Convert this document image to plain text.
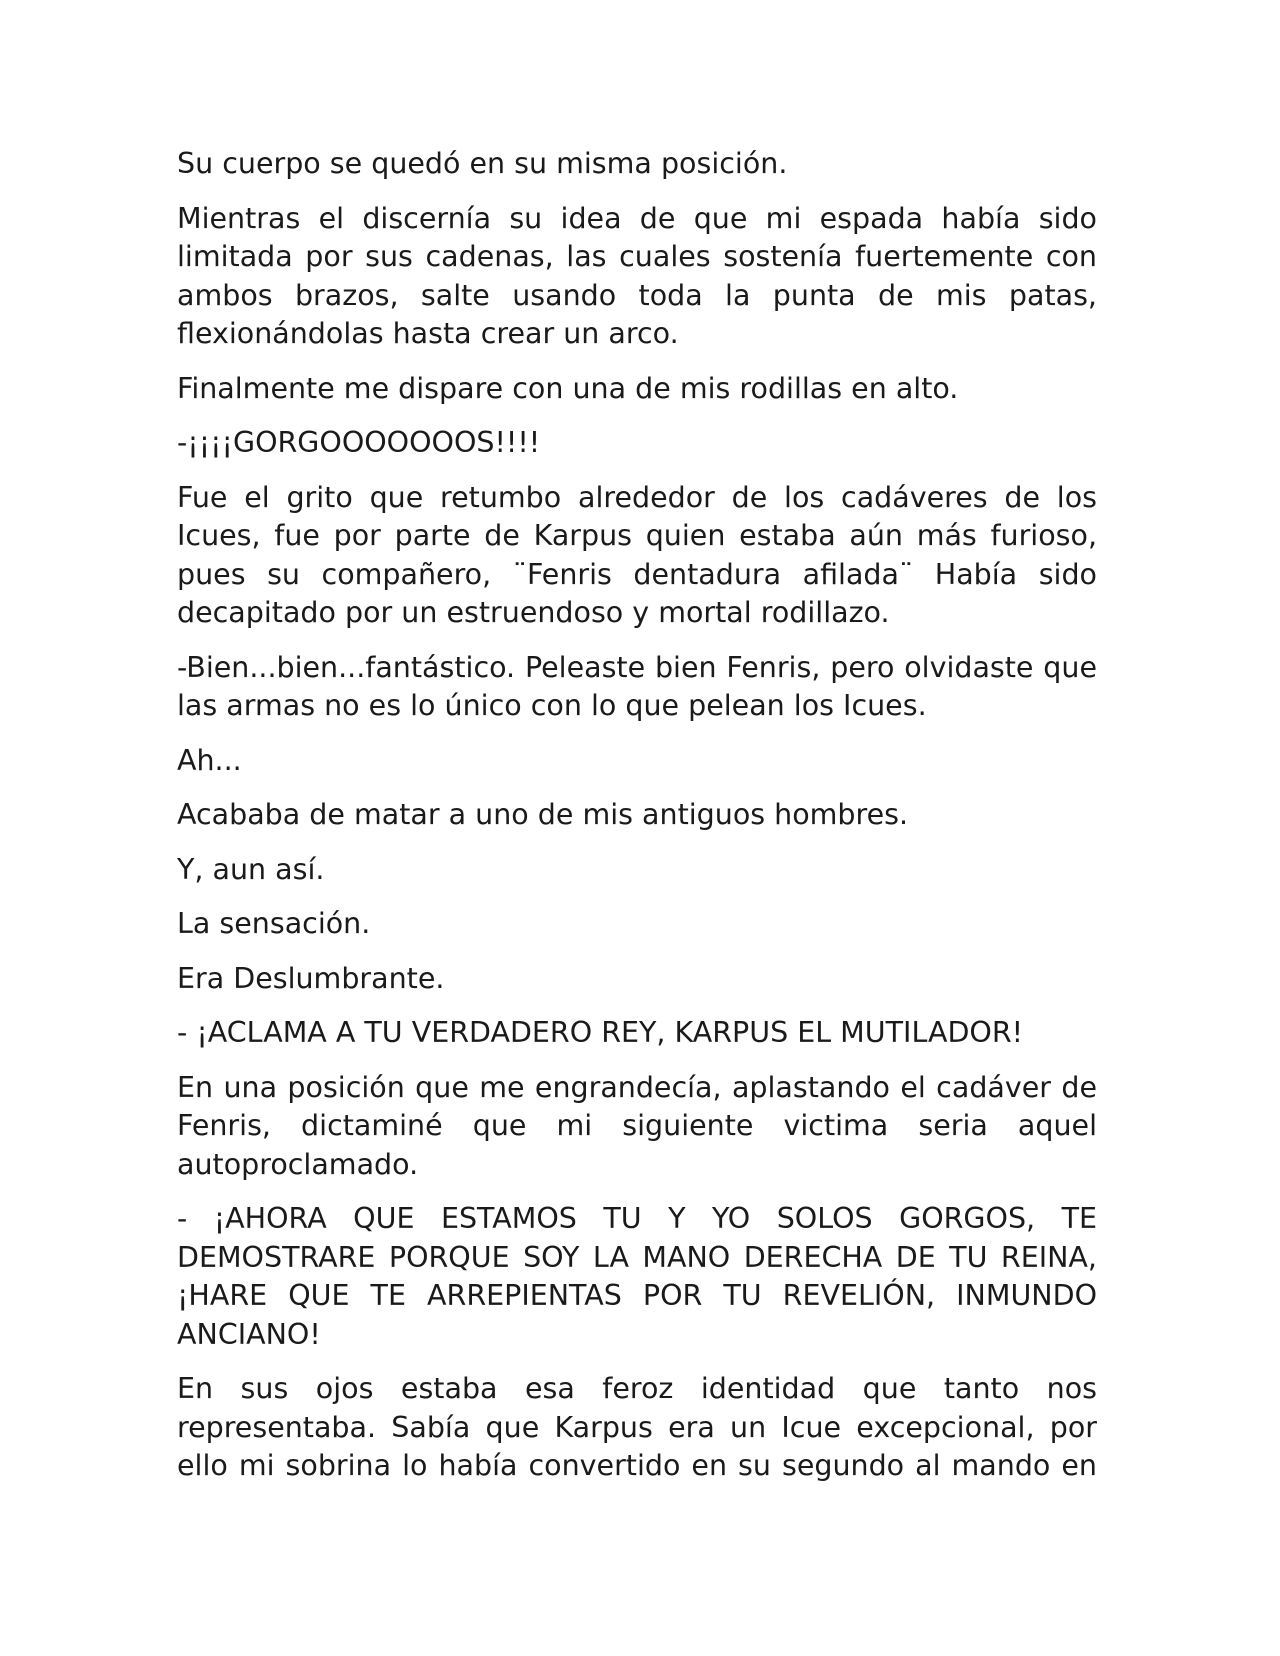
Su cuerpo se quedó en su misma posición.

Mientras el discernía su idea de que mi espada había sido limitada por sus cadenas, las cuales sostenía fuertemente con ambos brazos, salte usando toda la punta de mis patas, flexionándolas hasta crear un arco.

Finalmente me dispare con una de mis rodillas en alto.

-¡¡¡¡GORGOOOOOOOS!!!!

Fue el grito que retumbo alrededor de los cadáveres de los Icues, fue por parte de Karpus quien estaba aún más furioso, pues su compañero, ¨Fenris dentadura afilada¨ Había sido decapitado por un estruendoso y mortal rodillazo.

-Bien...bien...fantástico. Peleaste bien Fenris, pero olvidaste que las armas no es lo único con lo que pelean los Icues.

Ah...

Acababa de matar a uno de mis antiguos hombres.

Y, aun así.

La sensación.

Era Deslumbrante.

- ¡ACLAMA A TU VERDADERO REY, KARPUS EL MUTILADOR!

En una posición que me engrandecía, aplastando el cadáver de Fenris, dictaminé que mi siguiente victima seria aquel autoproclamado.

- ¡AHORA QUE ESTAMOS TU Y YO SOLOS GORGOS, TE DEMOSTRARE PORQUE SOY LA MANO DERECHA DE TU REINA, ¡HARE QUE TE ARREPIENTAS POR TU REVELIÓN, INMUNDO ANCIANO!

En sus ojos estaba esa feroz identidad que tanto nos representaba. Sabía que Karpus era un Icue excepcional, por ello mi sobrina lo había convertido en su segundo al mando en
